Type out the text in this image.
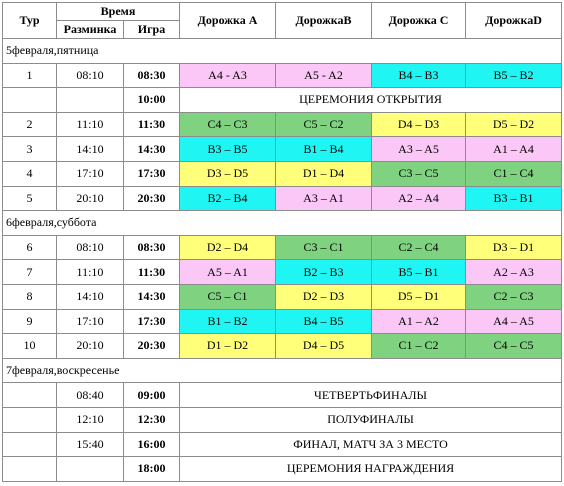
Тур	Время		Дорожка A	ДорожкаB	Дорожка C	ДорожкаD
	Разминка	Игра				
5февраля,пятница						
1	08:10	08:30	A4 - A3	A5 - A2	B4 – B3	B5 – B2
		10:00	ЦЕРЕМОНИЯ ОТКРЫТИЯ			
2	11:10	11:30	C4 – C3	C5 – C2	D4 – D3	D5 – D2
3	14:10	14:30	B3 – B5	B1 – B4	A3 – A5	A1 – A4
4	17:10	17:30	D3 – D5	D1 – D4	C3 – C5	C1 – C4
5	20:10	20:30	B2 – B4	A3 – A1	A2 – A4	B3 – B1
6февраля,суббота						
6	08:10	08:30	D2 – D4	C3 – C1	C2 – C4	D3 – D1
7	11:10	11:30	A5 – A1	B2 – B3	B5 – B1	A2 – A3
8	14:10	14:30	C5 – C1	D2 – D3	D5 – D1	C2 – C3
9	17:10	17:30	B1 – B2	B4 – B5	A1 – A2	A4 – A5
10	20:10	20:30	D1 – D2	D4 – D5	C1 – C2	C4 – C5
7февраля,воскресенье						
	08:40	09:00	ЧЕТВЕРТЬФИНАЛЫ			
	12:10	12:30	ПОЛУФИНАЛЫ			
	15:40	16:00	ФИНАЛ, МАТЧ ЗА 3 МЕСТО			
		18:00	ЦЕРЕМОНИЯ НАГРАЖДЕНИЯ			
